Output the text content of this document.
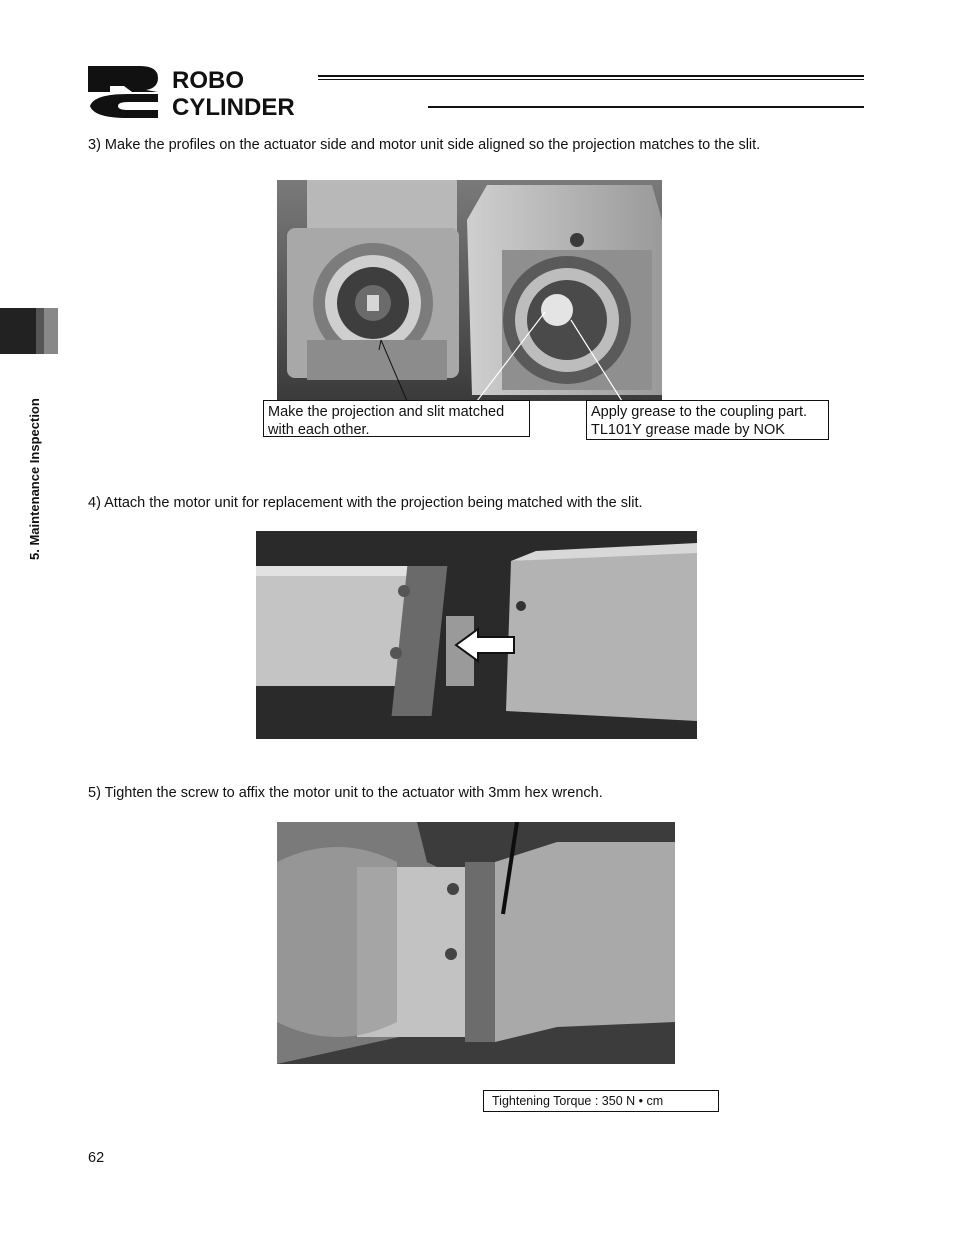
ROBO
CYLINDER
5. Maintenance Inspection
3) Make the profiles on the actuator side and motor unit side aligned so the projection matches to the slit.
Make the projection and slit matched
with each other.
Apply grease to the coupling part.
TL101Y grease made by NOK
4) Attach the motor unit for replacement with the projection being matched with the slit.
5) Tighten the screw to affix the motor unit to the actuator with 3mm hex wrench.
Tightening Torque : 350 N • cm
62
